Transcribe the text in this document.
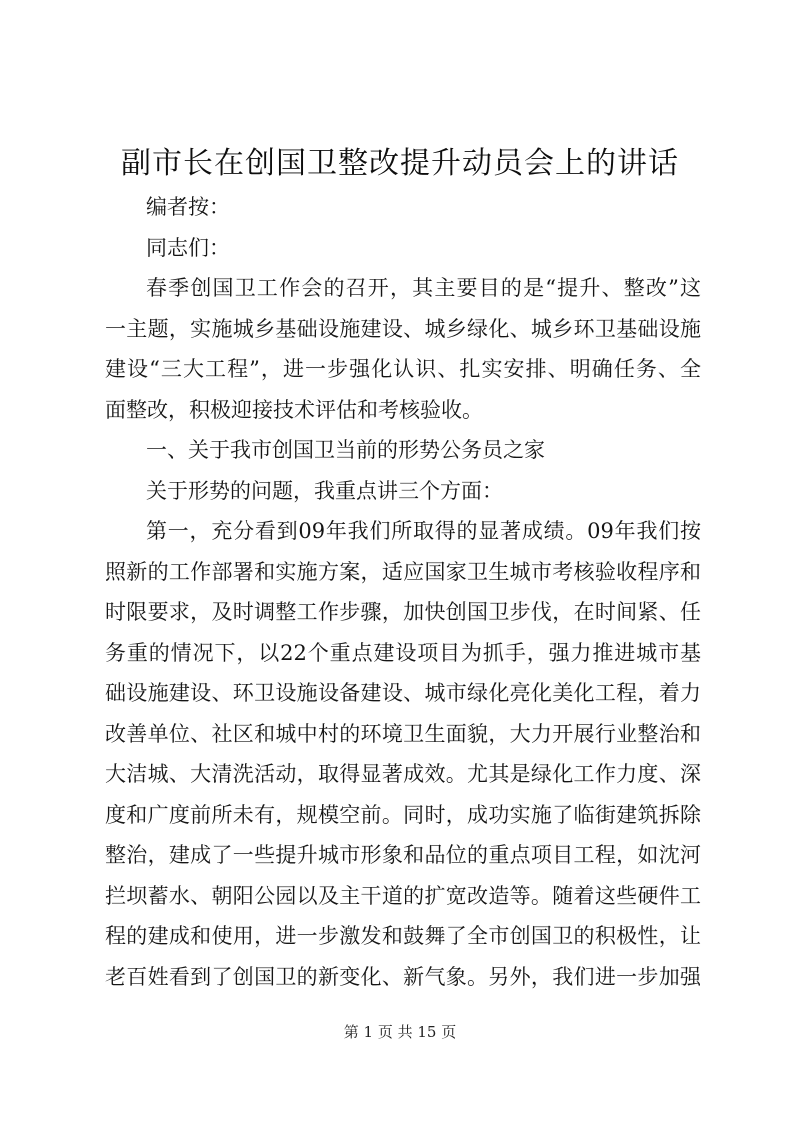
副市长在创国卫整改提升动员会上的讲话
编者按：
同志们：
春季创国卫工作会的召开，其主要目的是“提升、整改”这
一主题，实施城乡基础设施建设、城乡绿化、城乡环卫基础设施
建设“三大工程”，进一步强化认识、扎实安排、明确任务、全
面整改，积极迎接技术评估和考核验收。
一、关于我市创国卫当前的形势公务员之家
关于形势的问题，我重点讲三个方面：
第一，充分看到09年我们所取得的显著成绩。09年我们按
照新的工作部署和实施方案，适应国家卫生城市考核验收程序和
时限要求，及时调整工作步骤，加快创国卫步伐，在时间紧、任
务重的情况下，以22个重点建设项目为抓手，强力推进城市基
础设施建设、环卫设施设备建设、城市绿化亮化美化工程，着力
改善单位、社区和城中村的环境卫生面貌，大力开展行业整治和
大洁城、大清洗活动，取得显著成效。尤其是绿化工作力度、深
度和广度前所未有，规模空前。同时，成功实施了临街建筑拆除
整治，建成了一些提升城市形象和品位的重点项目工程，如沈河
拦坝蓄水、朝阳公园以及主干道的扩宽改造等。随着这些硬件工
程的建成和使用，进一步激发和鼓舞了全市创国卫的积极性，让
老百姓看到了创国卫的新变化、新气象。另外，我们进一步加强
第 1 页 共 15 页
